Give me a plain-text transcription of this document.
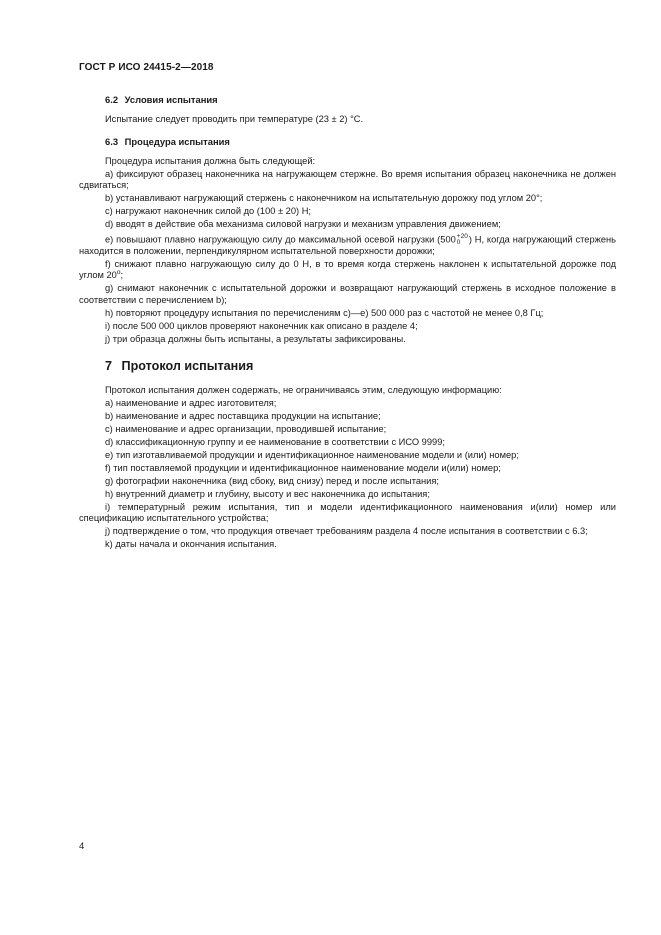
ГОСТ Р ИСО 24415-2—2018
6.2 Условия испытания
Испытание следует проводить при температуре (23 ± 2) °C.
6.3 Процедура испытания
Процедура испытания должна быть следующей:
a) фиксируют образец наконечника на нагружающем стержне. Во время испытания образец наконечника не должен сдвигаться;
b) устанавливают нагружающий стержень с наконечником на испытательную дорожку под углом 20°;
c) нагружают наконечник силой до (100 ± 20) Н;
d) вводят в действие оба механизма силовой нагрузки и механизм управления движением;
e) повышают плавно нагружающую силу до максимальной осевой нагрузки (500 +20
0 ) Н, когда нагружающий стержень находится в положении, перпендикулярном испытательной поверхности дорожки;
f) снижают плавно нагружающую силу до 0 Н, в то время когда стержень наклонен к испытательной дорожке под углом $20^о$;
g) снимают наконечник с испытательной дорожки и возвращают нагружающий стержень в исходное положение в соответствии с перечислением b);
h) повторяют процедуру испытания по перечислениям с)—е) 500 000 раз с частотой не менее 0,8 Гц;
i) после 500 000 циклов проверяют наконечник как описано в разделе 4;
j) три образца должны быть испытаны, а результаты зафиксированы.
7 Протокол испытания
Протокол испытания должен содержать, не ограничиваясь этим, следующую информацию:
a) наименование и адрес изготовителя;
b) наименование и адрес поставщика продукции на испытание;
c) наименование и адрес организации, проводившей испытание;
d) классификационную группу и ее наименование в соответствии с ИСО 9999;
e) тип изготавливаемой продукции и идентификационное наименование модели и (или) номер;
f) тип поставляемой продукции и идентификационное наименование модели и(или) номер;
g) фотографии наконечника (вид сбоку, вид снизу) перед и после испытания;
h) внутренний диаметр и глубину, высоту и вес наконечника до испытания;
i) температурный режим испытания, тип и модели идентификационного наименования и(или) номер или спецификацию испытательного устройства;
j) подтверждение о том, что продукция отвечает требованиям раздела 4 после испытания в соответствии с 6.3;
k) даты начала и окончания испытания.
4
